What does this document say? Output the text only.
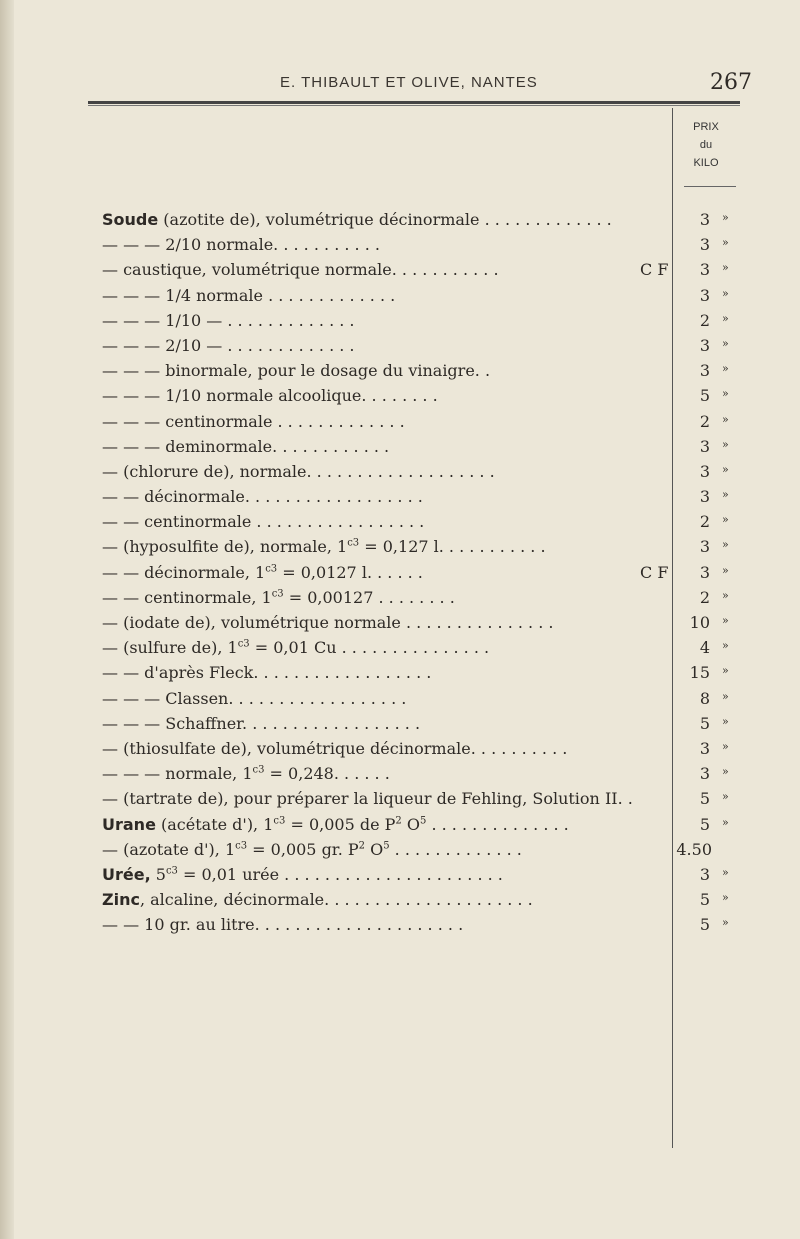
E. THIBAULT ET OLIVE, NANTES	267
PRIX
du
KILO
Soude (azotite de), volumétrique décinormale . . . . . . . . . . . . .	3 »
— — — 2/10 normale. . . . . . . . . . .	3 »
— caustique, volumétrique normale. . . . . . . . . . .	C F	3 »
— — — 1/4 normale . . . . . . . . . . . . .	3 »
— — — 1/10 — . . . . . . . . . . . . .	2 »
— — — 2/10 — . . . . . . . . . . . . .	3 »
— — — binormale, pour le dosage du vinaigre. .	3 »
— — — 1/10 normale alcoolique. . . . . . . .	5 »
— — — centinormale . . . . . . . . . . . . .	2 »
— — — deminormale. . . . . . . . . . . .	3 »
— (chlorure de), normale. . . . . . . . . . . . . . . . . . .	3 »
— — décinormale. . . . . . . . . . . . . . . . . .	3 »
— — centinormale . . . . . . . . . . . . . . . . .	2 »
— (hyposulfite de), normale, $1^{c3} = 0,127$ l. . . . . . . . . . .	3 »
— — décinormale, $1^{c3} = 0,0127$ l. . . . . .	C F	3 »
— — centinormale, $1^{c3} = 0,00127$ . . . . . . . .	2 »
— (iodate de), volumétrique normale . . . . . . . . . . . . . . .	10 »
— (sulfure de), $1^{c3} = 0,01$ Cu . . . . . . . . . . . . . . .	4 »
— — d'après Fleck. . . . . . . . . . . . . . . . . .	15 »
— — — Classen. . . . . . . . . . . . . . . . . .	8 »
— — — Schaffner. . . . . . . . . . . . . . . . . .	5 »
— (thiosulfate de), volumétrique décinormale. . . . . . . . . .	3 »
— — — normale, $1^{c3} = 0,248$. . . . . .	3 »
— (tartrate de), pour préparer la liqueur de Fehling, Solution II. .	5 »
Urane (acétate d'), $1^{c3} = 0,005$ de $P^2$ $O^5$ . . . . . . . . . . . . . .	5 »
— (azotate d'), $1^{c3} = 0,005$ gr. $P^2$ $O^5$ . . . . . . . . . . . . .	4.50
Urée, $5^{c3} = 0,01$ urée . . . . . . . . . . . . . . . . . . . . . .	3 »
Zinc, alcaline, décinormale. . . . . . . . . . . . . . . . . . . . .	5 »
— — 10 gr. au litre. . . . . . . . . . . . . . . . . . . . .	5 »
